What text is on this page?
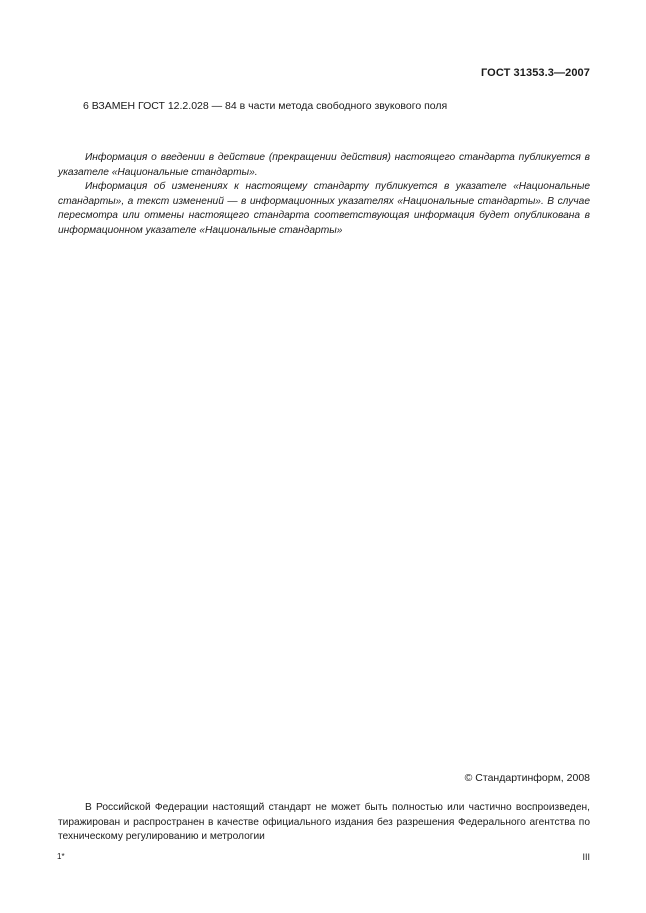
ГОСТ 31353.3—2007
6 ВЗАМЕН ГОСТ 12.2.028 — 84 в части метода свободного звукового поля

Информация о введении в действие (прекращении действия) настоящего стандарта публикуется в указателе «Национальные стандарты».

Информация об изменениях к настоящему стандарту публикуется в указателе «Национальные стандарты», а текст изменений — в информационных указателях «Национальные стандарты». В случае пересмотра или отмены настоящего стандарта соответствующая информация будет опубликована в информационном указателе «Национальные стандарты»

© Стандартинформ, 2008

В Российской Федерации настоящий стандарт не может быть полностью или частично воспроизведен, тиражирован и распространен в качестве официального издания без разрешения Федерального агентства по техническому регулированию и метрологии

1*	III
